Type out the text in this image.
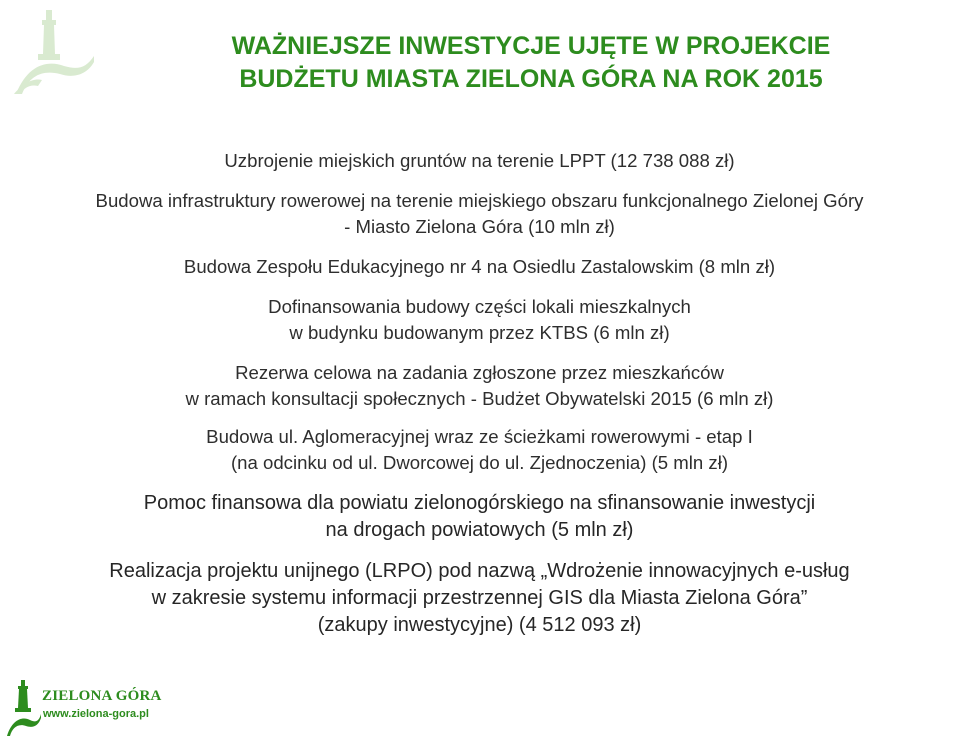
WAŻNIEJSZE INWESTYCJE UJĘTE W PROJEKCIE
BUDŻETU MIASTA ZIELONA GÓRA NA ROK 2015
Uzbrojenie miejskich gruntów na terenie LPPT (12 738 088 zł)
Budowa infrastruktury rowerowej na terenie miejskiego obszaru funkcjonalnego Zielonej Góry
- Miasto Zielona Góra (10 mln zł)
Budowa Zespołu Edukacyjnego nr 4 na Osiedlu Zastalowskim (8 mln zł)
Dofinansowania budowy części lokali mieszkalnych
w budynku budowanym przez KTBS (6 mln zł)
Rezerwa celowa na zadania zgłoszone przez mieszkańców
w ramach konsultacji społecznych - Budżet Obywatelski 2015 (6 mln zł)
Budowa ul. Aglomeracyjnej wraz ze ścieżkami rowerowymi - etap I
(na odcinku od ul. Dworcowej do ul. Zjednoczenia) (5 mln zł)
Pomoc finansowa dla powiatu zielonogórskiego na sfinansowanie inwestycji
na drogach powiatowych (5 mln zł)
Realizacja projektu unijnego (LRPO) pod nazwą „Wdrożenie innowacyjnych e-usług
w zakresie systemu informacji przestrzennej GIS dla Miasta Zielona Góra”
(zakupy inwestycyjne) (4 512 093 zł)
ZIELONA GÓRA
www.zielona-gora.pl
